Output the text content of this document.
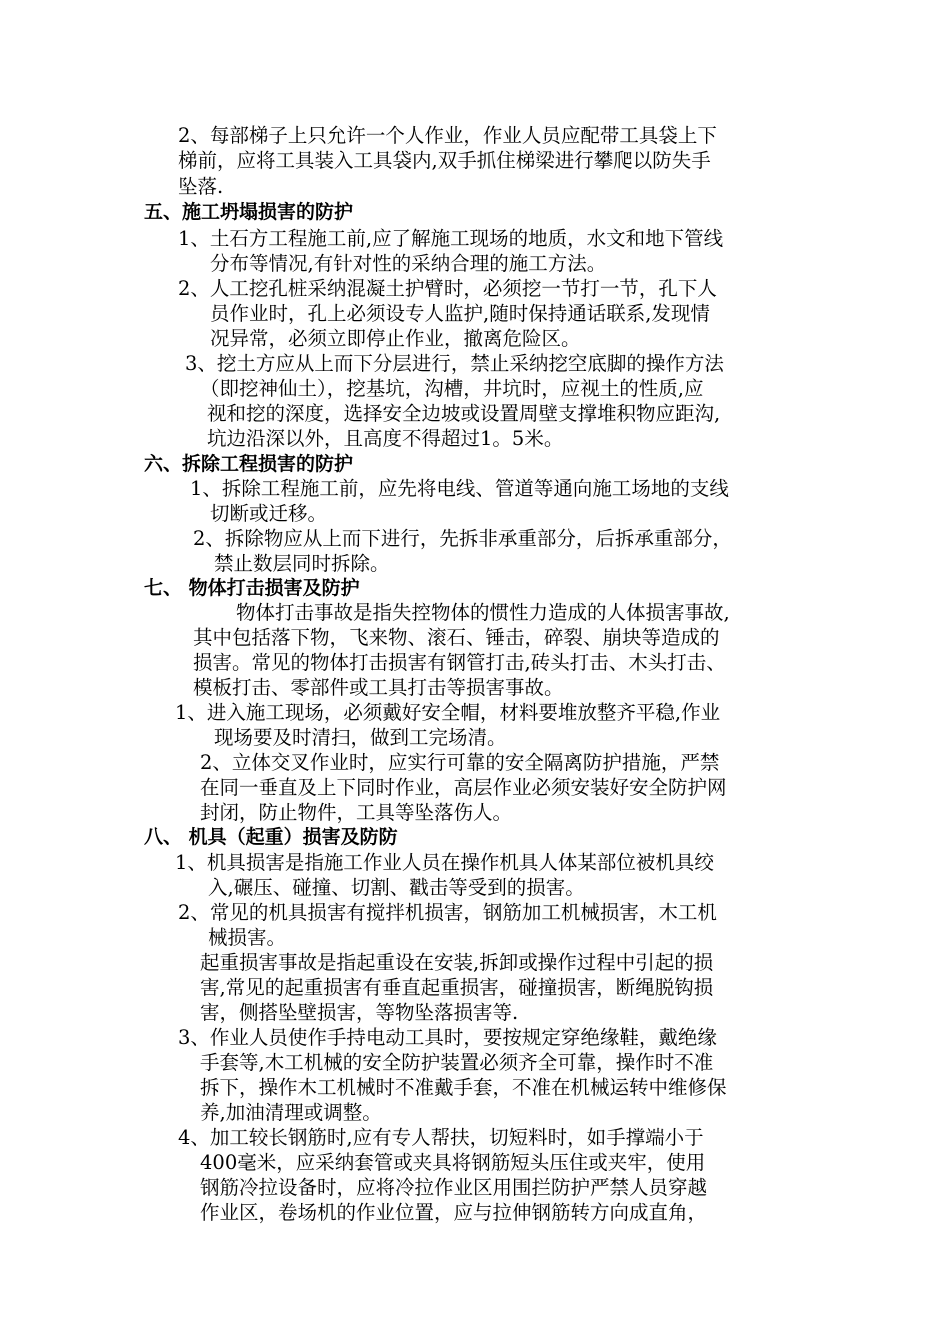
2、每部梯子上只允许一个人作业，作业人员应配带工具袋上下
梯前，应将工具装入工具袋内,双手抓住梯梁进行攀爬以防失手
坠落.
五、施工坍塌损害的防护
1、土石方工程施工前,应了解施工现场的地质，水文和地下管线
分布等情况,有针对性的采纳合理的施工方法。
2、人工挖孔桩采纳混凝土护臂时，必须挖一节打一节，孔下人
员作业时，孔上必须设专人监护,随时保持通话联系,发现情
况异常，必须立即停止作业，撤离危险区。
3、挖土方应从上而下分层进行，禁止采纳挖空底脚的操作方法
（即挖神仙土），挖基坑，沟槽，井坑时，应视土的性质,应
视和挖的深度，选择安全边坡或设置周壁支撑堆积物应距沟,
坑边沿深以外，且高度不得超过1。5米。
六、拆除工程损害的防护
1、拆除工程施工前，应先将电线、管道等通向施工场地的支线
切断或迁移。
2、拆除物应从上而下进行，先拆非承重部分，后拆承重部分，
禁止数层同时拆除。
七、 物体打击损害及防护
物体打击事故是指失控物体的惯性力造成的人体损害事故,
其中包括落下物，飞来物、滚石、锤击，碎裂、崩块等造成的
损害。常见的物体打击损害有钢管打击,砖头打击、木头打击、
模板打击、零部件或工具打击等损害事故。
1、进入施工现场，必须戴好安全帽，材料要堆放整齐平稳,作业
现场要及时清扫，做到工完场清。
2、立体交叉作业时，应实行可靠的安全隔离防护措施，严禁
在同一垂直及上下同时作业，高层作业必须安装好安全防护网
封闭，防止物件，工具等坠落伤人。
八、 机具（起重）损害及防防
1、机具损害是指施工作业人员在操作机具人体某部位被机具绞
入,碾压、碰撞、切割、戳击等受到的损害。
2、常见的机具损害有搅拌机损害，钢筋加工机械损害，木工机
械损害。
起重损害事故是指起重设在安装,拆卸或操作过程中引起的损
害,常见的起重损害有垂直起重损害，碰撞损害，断绳脱钩损
害，侧搭坠壁损害，等物坠落损害等.
3、作业人员使作手持电动工具时，要按规定穿绝缘鞋，戴绝缘
手套等,木工机械的安全防护装置必须齐全可靠，操作时不准
拆下，操作木工机械时不准戴手套，不准在机械运转中维修保
养,加油清理或调整。
4、加工较长钢筋时,应有专人帮扶，切短料时，如手撑端小于
400毫米，应采纳套管或夹具将钢筋短头压住或夹牢，使用
钢筋冷拉设备时，应将冷拉作业区用围拦防护严禁人员穿越
作业区，卷场机的作业位置，应与拉伸钢筋转方向成直角，
